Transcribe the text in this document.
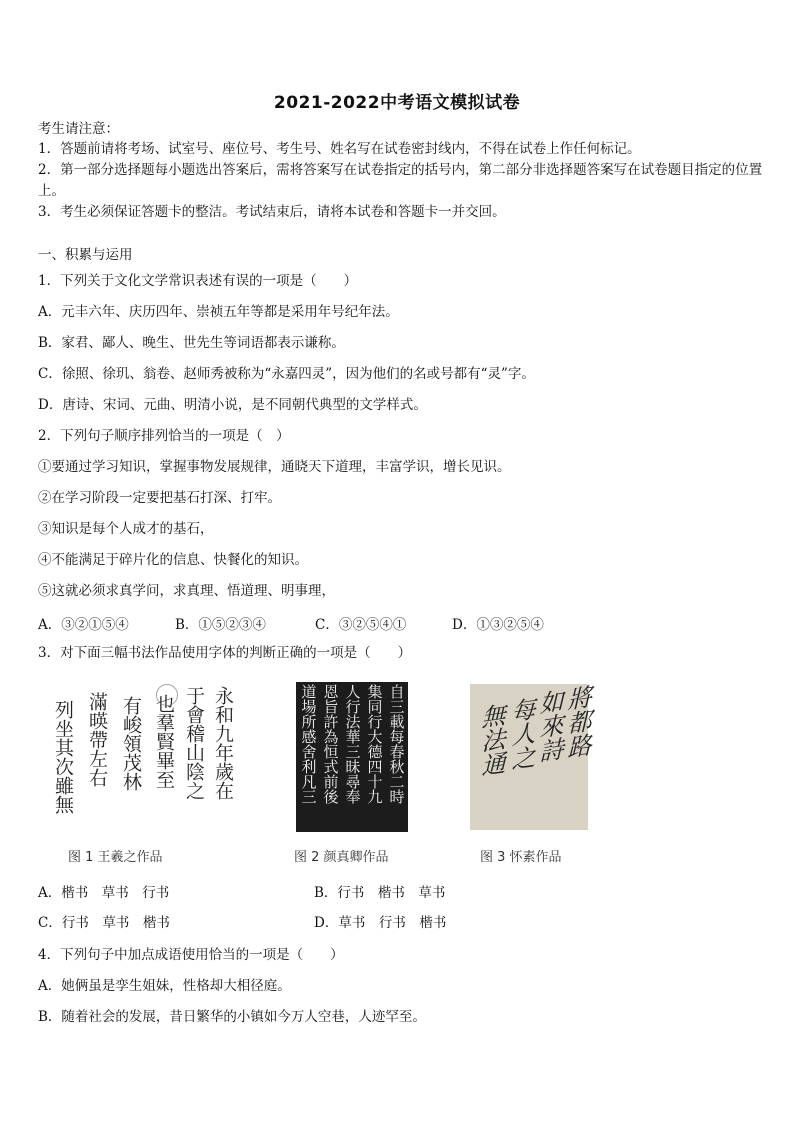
2021-2022中考语文模拟试卷
考生请注意：
1．答题前请将考场、试室号、座位号、考生号、姓名写在试卷密封线内，不得在试卷上作任何标记。
2．第一部分选择题每小题选出答案后，需将答案写在试卷指定的括号内，第二部分非选择题答案写在试卷题目指定的位置上。
3．考生必须保证答题卡的整洁。考试结束后，请将本试卷和答题卡一并交回。
一、积累与运用
1．下列关于文化文学常识表述有误的一项是（　　）
A．元丰六年、庆历四年、崇祯五年等都是采用年号纪年法。
B．家君、鄙人、晚生、世先生等词语都表示谦称。
C．徐照、徐玑、翁卷、赵师秀被称为“永嘉四灵”，因为他们的名或号都有“灵”字。
D．唐诗、宋词、元曲、明清小说，是不同朝代典型的文学样式。
2．下列句子顺序排列恰当的一项是（　）
①要通过学习知识，掌握事物发展规律，通晓天下道理，丰富学识，增长见识。
②在学习阶段一定要把基石打深、打牢。
③知识是每个人成才的基石，
④不能满足于碎片化的信息、快餐化的知识。
⑤这就必须求真学问，求真理、悟道理、明事理，
A．③②①⑤④	B．①⑤②③④	C．③②⑤④①	D．①③②⑤④
3．对下面三幅书法作品使用字体的判断正确的一项是（　　）
永和九年歲在
于會稽山陰之
也羣賢畢至
有峻領茂林
滿暎帶左右
列坐其次雖無
图 1 王羲之作品
自三載每春秋二時
集同行大德四十九
人行法華三昧尋奉
恩旨許為恒式前後
道場所感舍利凡三
图 2 颜真卿作品
將都路
如來詩
每人之
無法通
图 3 怀素作品
A．楷书　草书　行书	B．行书　楷书　草书
C．行书　草书　楷书	D．草书　行书　楷书
4．下列句子中加点成语使用恰当的一项是（　　）
A．她俩虽是孪生姐妹，性格却大相径庭。
B．随着社会的发展，昔日繁华的小镇如今万人空巷，人迹罕至。
